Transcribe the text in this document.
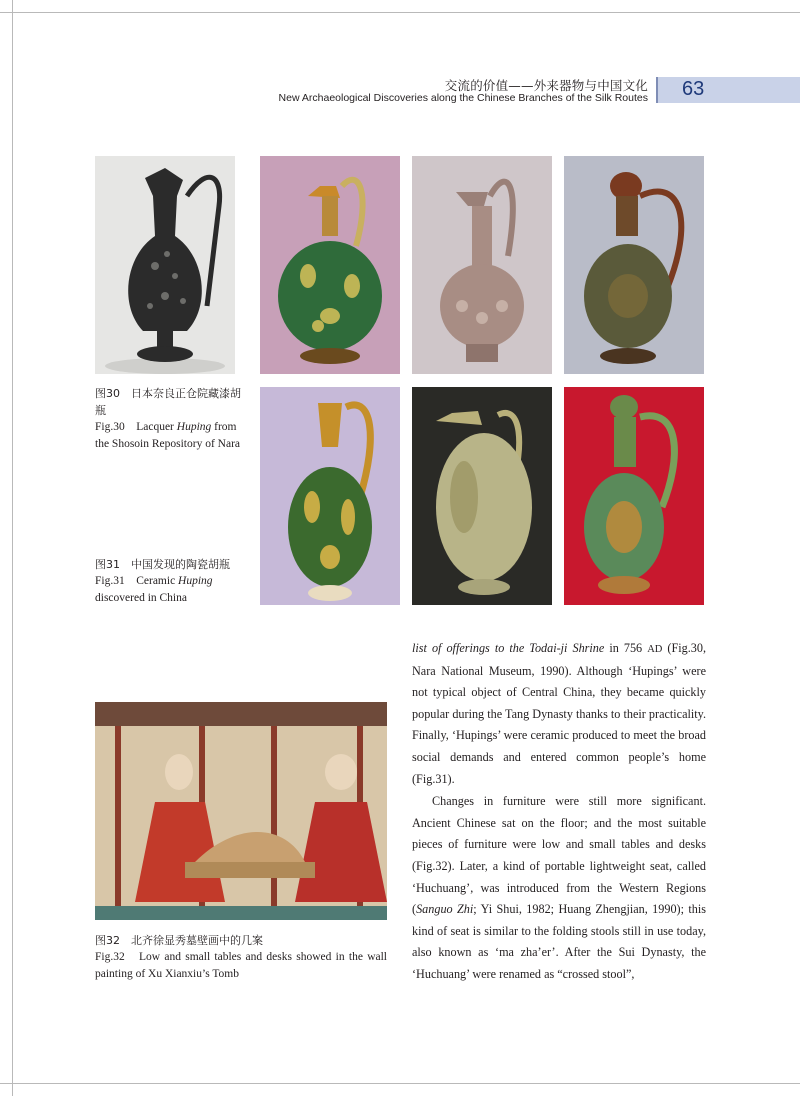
交流的价值——外来器物与中国文化
New Archaeological Discoveries along the Chinese Branches of the Silk Routes 63
图30　日本奈良正仓院藏漆胡瓶
Fig.30　Lacquer Huping from the Shosoin Repository of Nara
图31　中国发现的陶瓷胡瓶
Fig.31　Ceramic Huping discovered in China
图32　北齐徐显秀墓壁画中的几案
Fig.32　Low and small tables and desks showed in the wall painting of Xu Xianxiu’s Tomb

list of offerings to the Todai-ji Shrine in 756 AD (Fig.30, Nara National Museum, 1990). Although ‘Hupings’ were not typical object of Central China, they became quickly popular during the Tang Dynasty thanks to their practicality. Finally, ‘Hupings’ were ceramic produced to meet the broad social demands and entered common people’s home (Fig.31).

Changes in furniture were still more significant. Ancient Chinese sat on the floor; and the most suitable pieces of furniture were low and small tables and desks (Fig.32). Later, a kind of portable lightweight seat, called ‘Huchuang’, was introduced from the Western Regions (Sanguo Zhi; Yi Shui, 1982; Huang Zhengjian, 1990); this kind of seat is similar to the folding stools still in use today, also known as ‘ma zha’er’. After the Sui Dynasty, the ‘Huchuang’ were renamed as “crossed stool”,
